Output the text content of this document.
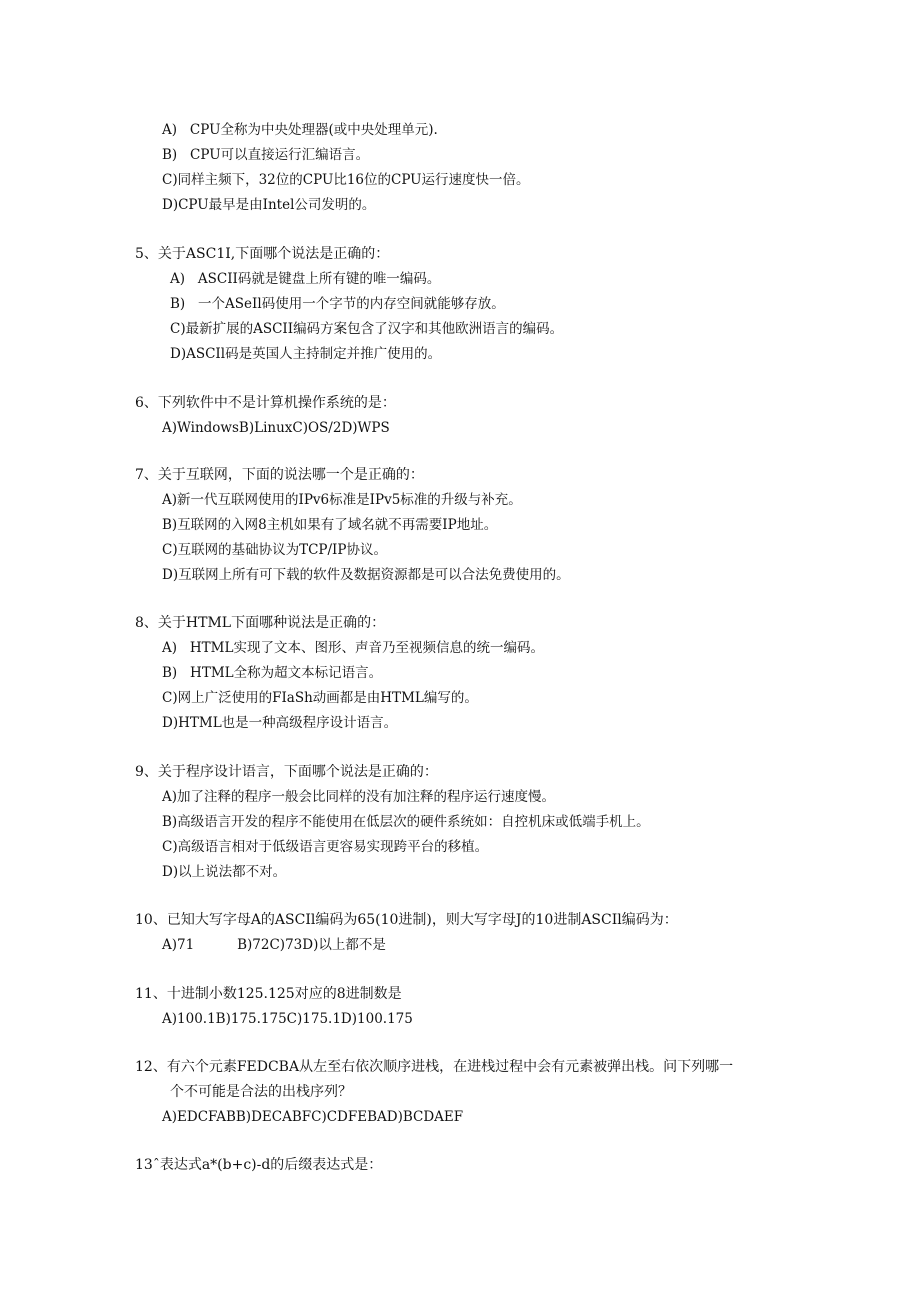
A)   CPU全称为中央处理器(或中央处理单元).
B)   CPU可以直接运行汇编语言。
C)同样主频下，32位的CPU比16位的CPU运行速度快一倍。
D)CPU最早是由Intel公司发明的。
5、关于ASC1I,下面哪个说法是正确的：
A)   ASCII码就是键盘上所有键的唯一编码。
B)   一个ASeIl码使用一个字节的内存空间就能够存放。
C)最新扩展的ASCII编码方案包含了汉字和其他欧洲语言的编码。
D)ASCIl码是英国人主持制定并推广使用的。
6、下列软件中不是计算机操作系统的是：
A)WindowsB)LinuxC)OS/2D)WPS
7、关于互联网，下面的说法哪一个是正确的：
A)新一代互联网使用的IPv6标准是IPv5标准的升级与补充。
B)互联网的入网8主机如果有了域名就不再需要IP地址。
C)互联网的基础协议为TCP/IP协议。
D)互联网上所有可下载的软件及数据资源都是可以合法免费使用的。
8、关于HTML下面哪种说法是正确的：
A)   HTML实现了文本、图形、声音乃至视频信息的统一编码。
B)   HTML全称为超文本标记语言。
C)网上广泛使用的FIaSh动画都是由HTML编写的。
D)HTML也是一种高级程序设计语言。
9、关于程序设计语言，下面哪个说法是正确的：
A)加了注释的程序一般会比同样的没有加注释的程序运行速度慢。
B)高级语言开发的程序不能使用在低层次的硬件系统如：自控机床或低端手机上。
C)高级语言相对于低级语言更容易实现跨平台的移植。
D)以上说法都不对。
10、已知大写字母A的ASCIl编码为65(10进制)，则大写字母J的10进制ASCIl编码为：
A)71          B)72C)73D)以上都不是
11、十进制小数125.125对应的8进制数是
A)100.1B)175.175C)175.1D)100.175
12、有六个元素FEDCBA从左至右依次顺序进栈，在进栈过程中会有元素被弹出栈。问下列哪一
个不可能是合法的出栈序列？
A)EDCFABB)DECABFC)CDFEBAD)BCDAEF
13ˆ表达式a*(b+c)-d的后缀表达式是：
